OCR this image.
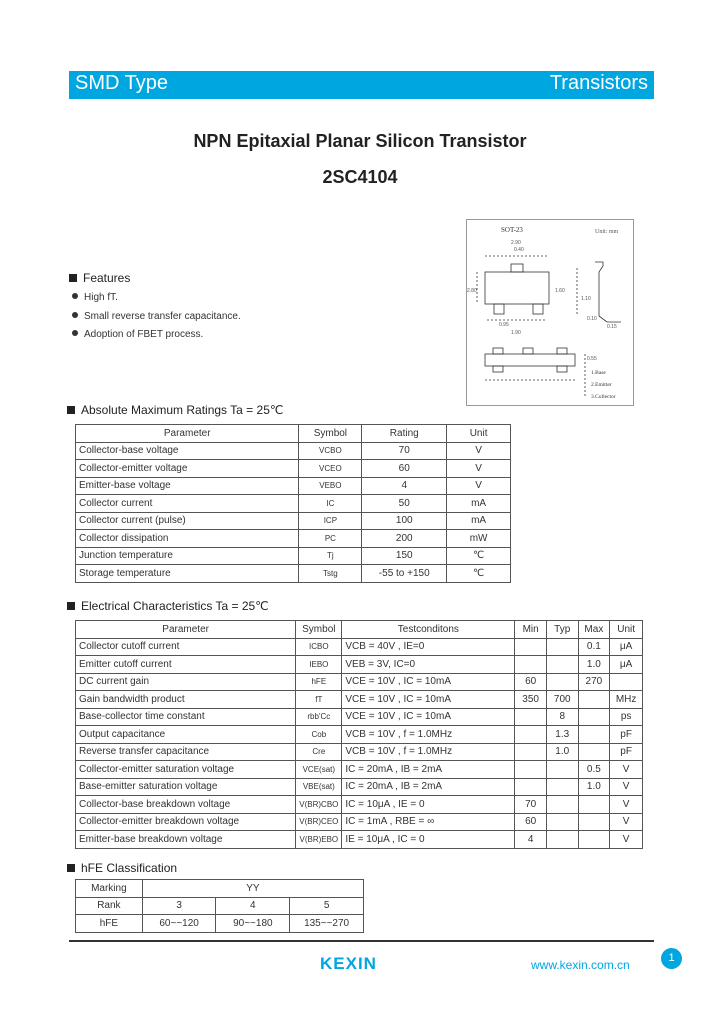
SMD Type	Transistors
NPN Epitaxial Planar Silicon Transistor
2SC4104
Features
High fT.
Small reverse transfer capacitance.
Adoption of FBET process.
SOT-23	Unit: mm
1.Base
2.Emitter
3.Collector
2.90
0.40
2.80	1.60
0.95
1.90
1.10
0.15
0.10
0.55
Absolute Maximum Ratings Ta = 25℃
Parameter	Symbol	Rating	Unit
Collector-base voltage	VCBO	70	V
Collector-emitter voltage	VCEO	60	V
Emitter-base voltage	VEBO	4	V
Collector current	IC	50	mA
Collector current (pulse)	ICP	100	mA
Collector dissipation	PC	200	mW
Junction temperature	Tj	150	℃
Storage temperature	Tstg	-55 to +150	℃
Electrical Characteristics Ta = 25℃
Parameter	Symbol	Testconditons	Min	Typ	Max	Unit
Collector cutoff current	ICBO	VCB = 40V , IE=0			0.1	μA
Emitter cutoff current	IEBO	VEB = 3V, IC=0			1.0	μA
DC current gain	hFE	VCE = 10V , IC = 10mA	60		270	
Gain bandwidth product	fT	VCE = 10V , IC = 10mA	350	700		MHz
Base-collector time constant	rbb'Cc	VCE = 10V , IC = 10mA		8		ps
Output capacitance	Cob	VCB = 10V , f = 1.0MHz		1.3		pF
Reverse transfer capacitance	Cre	VCB = 10V , f = 1.0MHz		1.0		pF
Collector-emitter saturation voltage	VCE(sat)	IC = 20mA , IB = 2mA			0.5	V
Base-emitter saturation voltage	VBE(sat)	IC = 20mA , IB = 2mA			1.0	V
Collector-base breakdown voltage	V(BR)CBO	IC = 10μA , IE = 0	70			V
Collector-emitter breakdown voltage	V(BR)CEO	IC = 1mA , RBE = ∞	60			V
Emitter-base breakdown voltage	V(BR)EBO	IE = 10μA , IC = 0	4			V
hFE Classification
Marking	YY		
Rank	3	4	5
hFE	60~~120	90~~180	135~~270
KEXIN	www.kexin.com.cn	1
